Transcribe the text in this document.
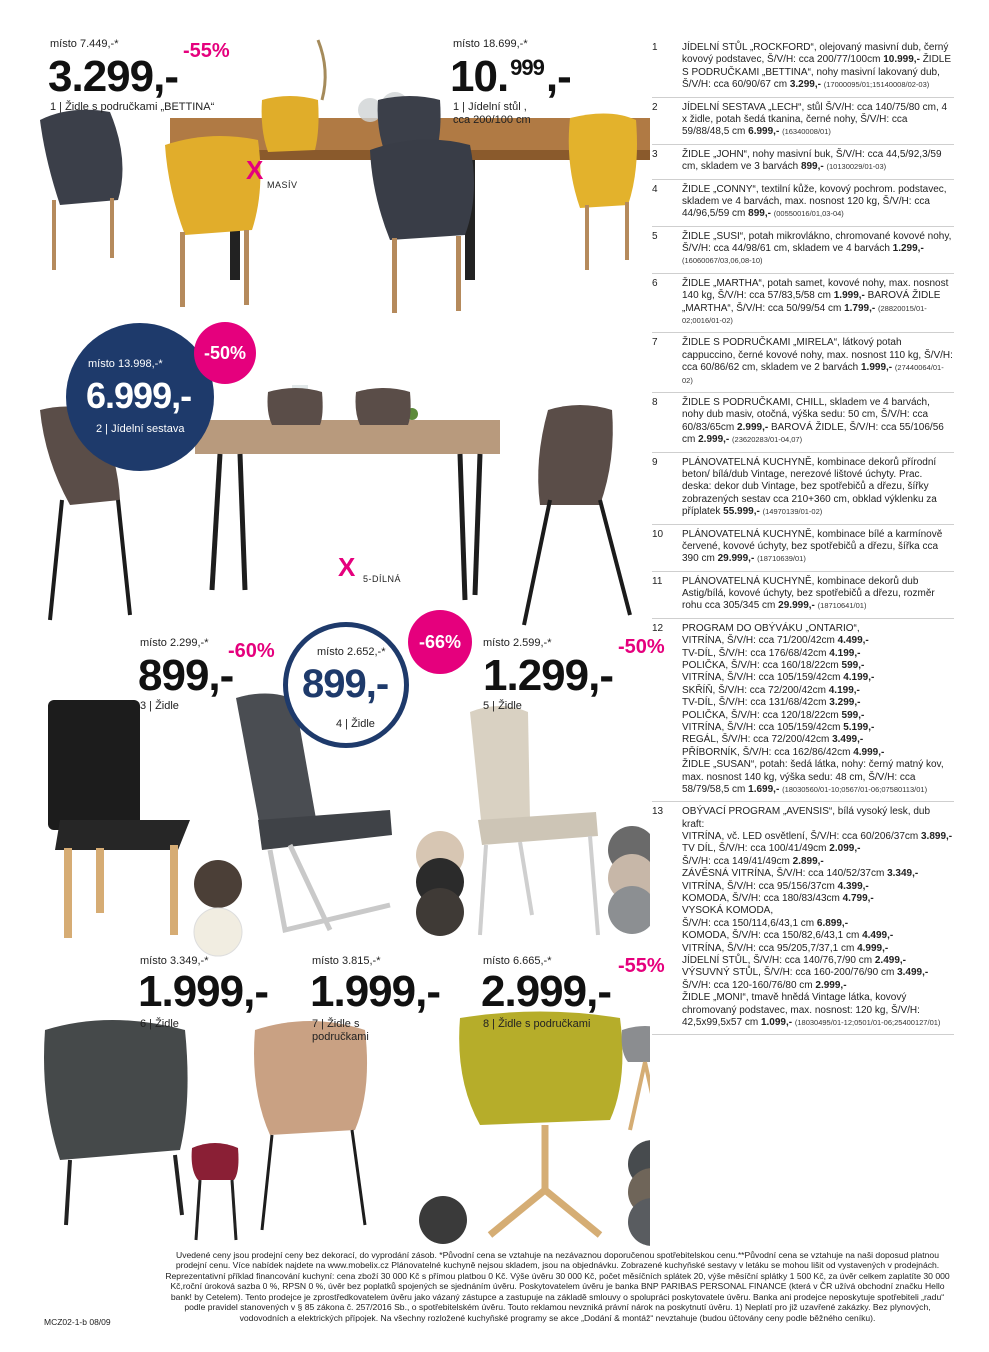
místo 7.449,-*
3.299,-
-55%
1 | Židle s područkami „BETTINA“
X MASÍV
místo 18.699,-*
10.$^{999}$,-
1 | Jídelní stůl ,
cca 200/100 cm
místo 13.998,-*
6.999,-
2 | Jídelní sestava
-50%
X 5-DÍLNÁ
místo 2.299,-*
899,-
-60%
3 | Židle
místo 2.652,-*
899,-
4 | Židle
-66%	místo 2.599,-*
1.299,-
-50%
5 | Židle
místo 3.349,-*
1.999,-
6 | Židle
místo 3.815,-*
1.999,-
7 | Židle s
područkami
místo 6.665,-*
2.999,-
-55%
8 | Židle s područkami
1	JÍDELNÍ STŮL „ROCKFORD“, olejovaný masivní dub, černý kovový podstavec, Š/V/H: cca 200/77/100cm 10.999,- ŽIDLE S PODRUČKAMI „BETTINA“, nohy masivní lakovaný dub, Š/V/H: cca 60/90/67 cm 3.299,- (17000095/01;15140008/02-03)
2	JÍDELNÍ SESTAVA „LECH“, stůl Š/V/H: cca 140/75/80 cm, 4 x židle, potah šedá tkanina, černé nohy, Š/V/H: cca 59/88/48,5 cm 6.999,- (16340008/01)
3	ŽIDLE „JOHN“, nohy masivní buk, Š/V/H: cca 44,5/92,3/59 cm, skladem ve 3 barvách 899,- (10130029/01-03)
4	ŽIDLE „CONNY“, textilní kůže, kovový pochrom. podstavec, skladem ve 4 barvách, max. nosnost 120 kg, Š/V/H: cca 44/96,5/59 cm 899,- (00550016/01,03-04)
5	ŽIDLE „SUSI“, potah mikrovlákno, chromované kovové nohy, Š/V/H: cca 44/98/61 cm, skladem ve 4 barvách 1.299,- (16060067/03,06,08-10)
6	ŽIDLE „MARTHA“, potah samet, kovové nohy, max. nosnost 140 kg, Š/V/H: cca 57/83,5/58 cm 1.999,- BAROVÁ ŽIDLE „MARTHA“, Š/V/H: cca 50/99/54 cm 1.799,- (28820015/01-02;0016/01-02)
7	ŽIDLE S PODRUČKAMI „MIRELA“, látkový potah cappuccino, černé kovové nohy, max. nosnost 110 kg, Š/V/H: cca 60/86/62 cm, skladem ve 2 barvách 1.999,- (27440064/01-02)
8	ŽIDLE S PODRUČKAMI, CHILL, skladem ve 4 barvách, nohy dub masiv, otočná, výška sedu: 50 cm, Š/V/H: cca 60/83/65cm 2.999,- BAROVÁ ŽIDLE, Š/V/H: cca 55/106/56 cm 2.999,- (23620283/01-04,07)
9	PLÁNOVATELNÁ KUCHYNĚ, kombinace dekorů přírodní beton/ bílá/dub Vintage, nerezové lištové úchyty. Prac. deska: dekor dub Vintage, bez spotřebičů a dřezu, šířky zobrazených sestav cca 210+360 cm, obklad výklenku za příplatek 55.999,- (14970139/01-02)
10	PLÁNOVATELNÁ KUCHYNĚ, kombinace bílé a karmínově červené, kovové úchyty, bez spotřebičů a dřezu, šířka cca 390 cm 29.999,- (18710639/01)
11	PLÁNOVATELNÁ KUCHYNĚ, kombinace dekorů dub Astig/bílá, kovové úchyty, bez spotřebičů a dřezu, rozměr rohu cca 305/345 cm 29.999,- (18710641/01)
12	PROGRAM DO OBÝVÁKU „ONTARIO“,
VITRÍNA, Š/V/H: cca 71/200/42cm 4.499,-
TV-DÍL, Š/V/H: cca 176/68/42cm 4.199,-
POLIČKA, Š/V/H: cca 160/18/22cm 599,-
VITRÍNA, Š/V/H: cca 105/159/42cm 4.199,-
SKŘÍŇ, Š/V/H: cca 72/200/42cm 4.199,-
TV-DÍL, Š/V/H: cca 131/68/42cm 3.299,-
POLIČKA, Š/V/H: cca 120/18/22cm 599,-
VITRÍNA, Š/V/H: cca 105/159/42cm 5.199,-
REGÁL, Š/V/H: cca 72/200/42cm 3.499,-
PŘÍBORNÍK, Š/V/H: cca 162/86/42cm 4.999,-
ŽIDLE „SUSAN“, potah: šedá látka, nohy: černý matný kov, max. nosnost 140 kg, výška sedu: 48 cm, Š/V/H: cca 58/79/58,5 cm 1.699,- (18030560/01-10;0567/01-06;07580113/01)
13	OBÝVACÍ PROGRAM „AVENSIS“, bílá vysoký lesk, dub kraft:
VITRÍNA, vč. LED osvětlení, Š/V/H: cca 60/206/37cm 3.899,- TV DÍL, Š/V/H: cca 100/41/49cm 2.099,-
Š/V/H: cca 149/41/49cm 2.899,-
ZÁVĚSNÁ VITRÍNA, Š/V/H: cca 140/52/37cm 3.349,-
VITRÍNA, Š/V/H: cca 95/156/37cm 4.399,-
KOMODA, Š/V/H: cca 180/83/43cm 4.799,-
VYSOKÁ KOMODA,
Š/V/H: cca 150/114,6/43,1 cm 6.899,-
KOMODA, Š/V/H: cca 150/82,6/43,1 cm 4.499,-
VITRÍNA, Š/V/H: cca 95/205,7/37,1 cm 4.999,-
JÍDELNÍ STŮL, Š/V/H: cca 140/76,7/90 cm 2.499,-
VÝSUVNÝ STŮL, Š/V/H: cca 160-200/76/90 cm 3.499,-
Š/V/H: cca 120-160/76/80 cm 2.999,-
ŽIDLE „MONI“, tmavě hnědá Vintage látka, kovový chromovaný podstavec, max. nosnost: 120 kg, Š/V/H: 42,5x99,5x57 cm 1.099,- (18030495/01-12;0501/01-06;25400127/01)
Uvedené ceny jsou prodejní ceny bez dekorací, do vyprodání zásob. *Původní cena se vztahuje na nezávaznou doporučenou spotřebitelskou cenu.**Původní cena se vztahuje na naši doposud platnou prodejní cenu. Více nabídek najdete na www.mobelix.cz Plánovatelné kuchyně nejsou skladem, jsou na objednávku. Zobrazené kuchyňské sestavy v letáku se mohou lišit od vystavených v prodejnách. Reprezentativní příklad financování kuchyní: cena zboží 30 000 Kč s přímou platbou 0 Kč. Výše úvěru 30 000 Kč, počet měsíčních splátek 20, výše měsíční splátky 1 500 Kč, za úvěr celkem zaplatíte 30 000 Kč,roční úroková sazba 0 %, RPSN 0 %, úvěr bez poplatků spojených se sjednáním úvěru. Poskytovatelem úvěru je banka BNP PARIBAS PERSONAL FINANCE (která v ČR užívá obchodní značku Hello bank! by Cetelem). Tento prodejce je zprostředkovatelem úvěru jako vázaný zástupce a zastupuje na základě smlouvy o spolupráci poskytovatele úvěru. Banka ani prodejce neposkytuje spotřebiteli „radu“ podle pravidel stanovených v § 85 zákona č. 257/2016 Sb., o spotřebitelském úvěru. Touto reklamou nevzniká právní nárok na poskytnutí úvěru. 1) Neplatí pro již uzavřené zakázky. Bez plynových, vodovodních a elektrických přípojek. Na všechny rozložené kuchyňské programy se akce „Dodání & montáž“ nevztahuje (budou účtovány ceny podle běžného ceníku).
MCZ02-1-b 08/09
